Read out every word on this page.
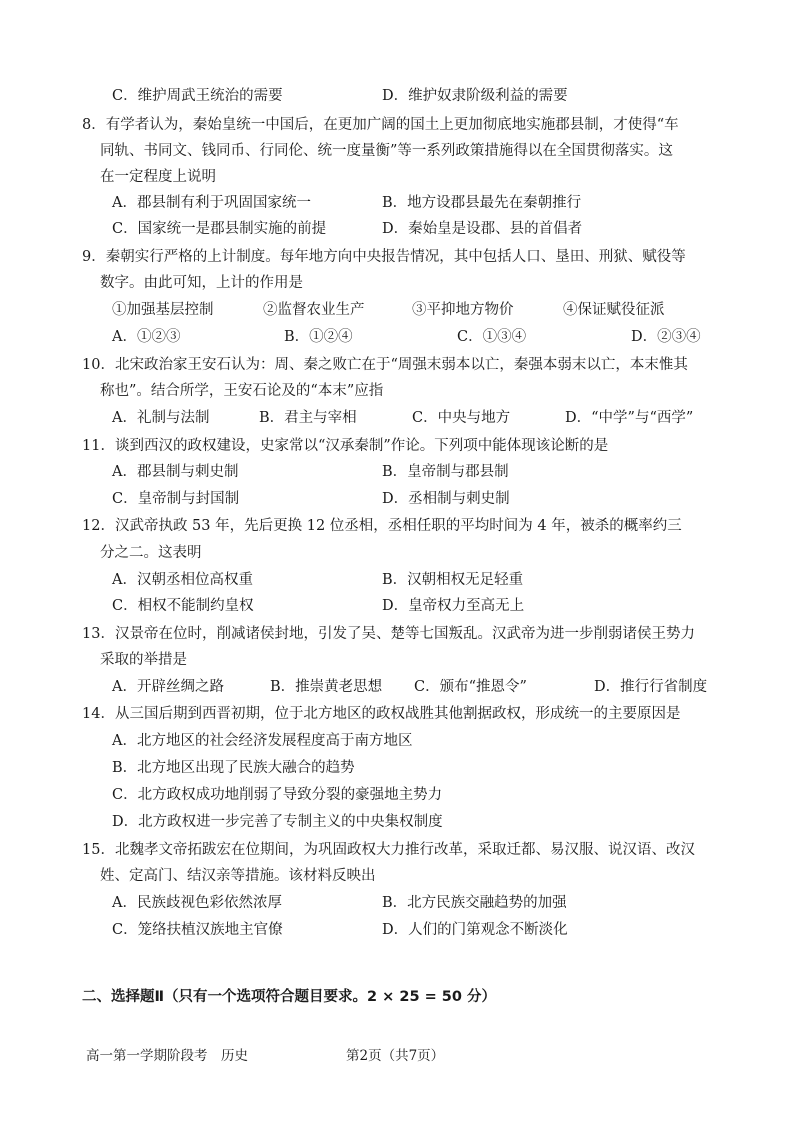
C．维护周武王统治的需要	D．维护奴隶阶级利益的需要
8．有学者认为，秦始皇统一中国后，在更加广阔的国土上更加彻底地实施郡县制，才使得“车
同轨、书同文、钱同币、行同伦、统一度量衡”等一系列政策措施得以在全国贯彻落实。这
在一定程度上说明
A．郡县制有利于巩固国家统一	B．地方设郡县最先在秦朝推行
C．国家统一是郡县制实施的前提	D．秦始皇是设郡、县的首倡者
9．秦朝实行严格的上计制度。每年地方向中央报告情况，其中包括人口、垦田、刑狱、赋役等
数字。由此可知，上计的作用是
①加强基层控制	②监督农业生产	③平抑地方物价	④保证赋役征派
A．①②③	B．①②④	C．①③④	D．②③④
10．北宋政治家王安石认为：周、秦之败亡在于“周强末弱本以亡，秦强本弱末以亡，本末惟其
称也”。结合所学，王安石论及的“本末”应指
A．礼制与法制	B．君主与宰相	C．中央与地方	D．“中学”与“西学”
11．谈到西汉的政权建设，史家常以“汉承秦制”作论。下列项中能体现该论断的是
A．郡县制与刺史制	B．皇帝制与郡县制
C．皇帝制与封国制	D．丞相制与刺史制
12．汉武帝执政 53 年，先后更换 12 位丞相，丞相任职的平均时间为 4 年，被杀的概率约三
分之二。这表明
A．汉朝丞相位高权重	B．汉朝相权无足轻重
C．相权不能制约皇权	D．皇帝权力至高无上
13．汉景帝在位时，削减诸侯封地，引发了吴、楚等七国叛乱。汉武帝为进一步削弱诸侯王势力
采取的举措是
A．开辟丝绸之路	B．推崇黄老思想 C．颁布“推恩令”	D．推行行省制度
14．从三国后期到西晋初期，位于北方地区的政权战胜其他割据政权，形成统一的主要原因是
A．北方地区的社会经济发展程度高于南方地区
B．北方地区出现了民族大融合的趋势
C．北方政权成功地削弱了导致分裂的豪强地主势力
D．北方政权进一步完善了专制主义的中央集权制度
15．北魏孝文帝拓跋宏在位期间，为巩固政权大力推行改革，采取迁都、易汉服、说汉语、改汉
姓、定高门、结汉亲等措施。该材料反映出
A．民族歧视色彩依然浓厚	B．北方民族交融趋势的加强
C．笼络扶植汉族地主官僚	D．人们的门第观念不断淡化
二、选择题Ⅱ（只有一个选项符合题目要求。2 × 25 = 50 分）
高一第一学期阶段考　历史	第2页（共7页）
